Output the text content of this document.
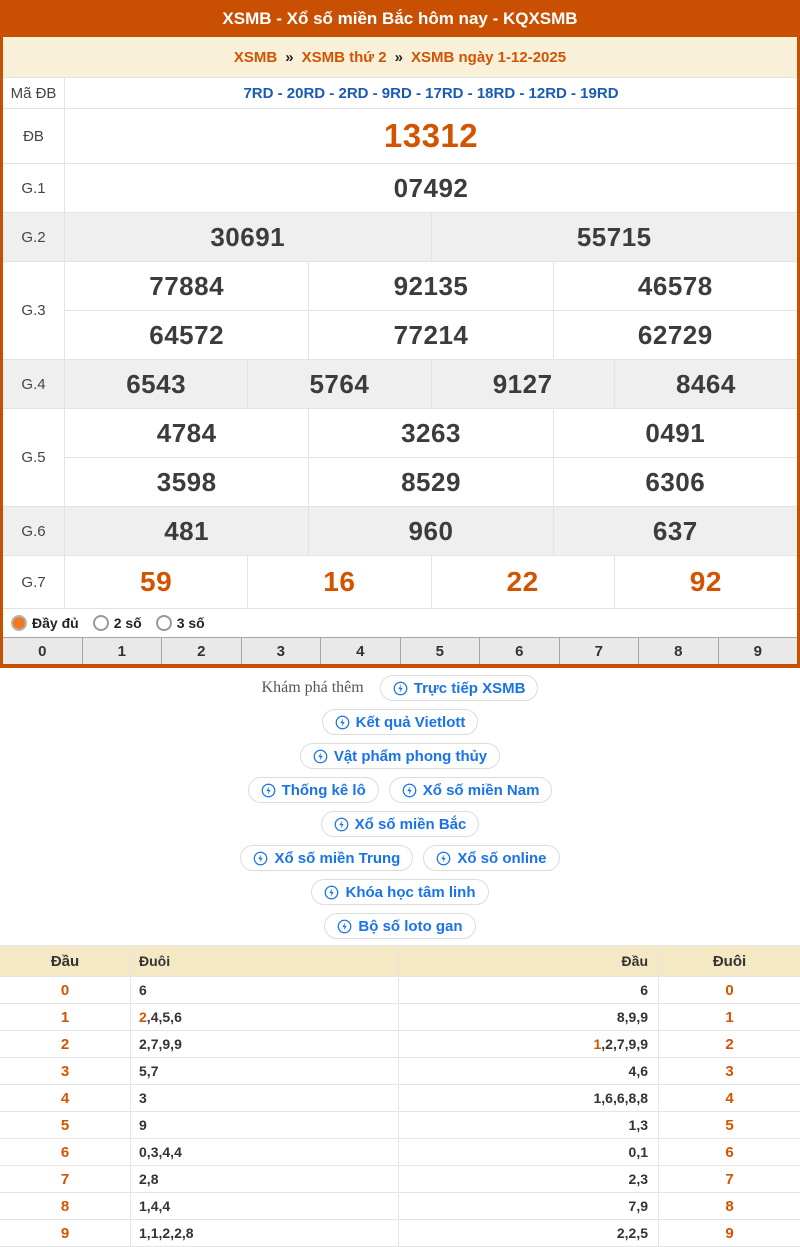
XSMB - Xổ số miền Bắc hôm nay - KQXSMB
XSMB » XSMB thứ 2 » XSMB ngày 1-12-2025
Mã ĐB	7RD - 20RD - 2RD - 9RD - 17RD - 18RD - 12RD - 19RD
ĐB	13312
G.1	07492
G.2	30691	55715
G.3
77884	92135	46578
64572	77214	62729
G.4	6543	5764	9127	8464
G.5
4784	3263	0491
3598	8529	6306
G.6	481	960	637
G.7	59	16	22	92
Đầy đủ	2 số	3 số
0	1	2	3	4	5	6	7	8	9
Khám phá thêm	Trực tiếp XSMB
Kết quả Vietlott
Vật phẩm phong thủy
Thống kê lô	Xổ số miền Nam
Xổ số miền Bắc
Xổ số miền Trung	Xổ số online
Khóa học tâm linh
Bộ số loto gan
Đầu	Đuôi	Đầu	Đuôi
0	6	6	0
1	2 , 4 , 5 , 6	8 , 9 , 9	1
2	2 , 7 , 9 , 9	1 , 2 , 7 , 9 , 9	2
3	5 , 7	4 , 6	3
4	3	1 , 6 , 6 , 8 , 8	4
5	9	1 , 3	5
6	0 , 3 , 4 , 4	0 , 1	6
7	2 , 8	2 , 3	7
8	1 , 4 , 4	7 , 9	8
9	1 , 1 , 2 , 2 , 8	2 , 2 , 5	9
